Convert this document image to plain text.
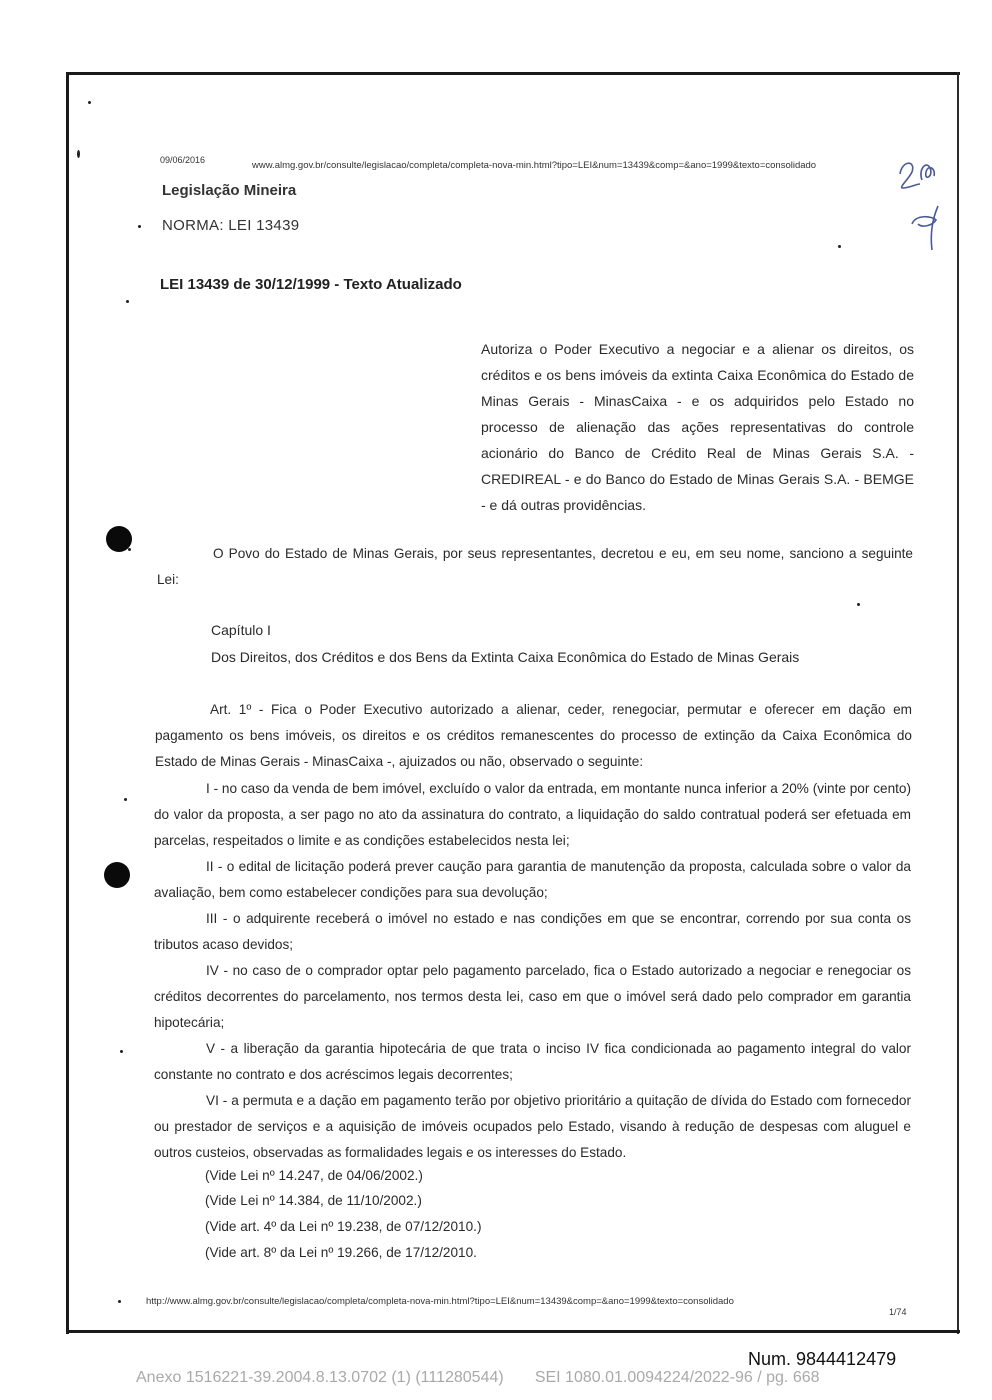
09/06/2016	www.almg.gov.br/consulte/legislacao/completa/completa-nova-min.html?tipo=LEI&num=13439&comp=&ano=1999&texto=consolidado
Legislação Mineira
NORMA: LEI 13439
LEI 13439 de 30/12/1999 - Texto Atualizado
Autoriza o Poder Executivo a negociar e a alienar os direitos, os créditos e os bens imóveis da extinta Caixa Econômica do Estado de Minas Gerais - MinasCaixa - e os adquiridos pelo Estado no processo de alienação das ações representativas do controle acionário do Banco de Crédito Real de Minas Gerais S.A. - CREDIREAL - e do Banco do Estado de Minas Gerais S.A. - BEMGE - e dá outras providências.
O Povo do Estado de Minas Gerais, por seus representantes, decretou e eu, em seu nome, sanciono a seguinte Lei:
Capítulo I
Dos Direitos, dos Créditos e dos Bens da Extinta Caixa Econômica do Estado de Minas Gerais
Art. 1º - Fica o Poder Executivo autorizado a alienar, ceder, renegociar, permutar e oferecer em dação em pagamento os bens imóveis, os direitos e os créditos remanescentes do processo de extinção da Caixa Econômica do Estado de Minas Gerais - MinasCaixa -, ajuizados ou não, observado o seguinte:
I - no caso da venda de bem imóvel, excluído o valor da entrada, em montante nunca inferior a 20% (vinte por cento) do valor da proposta, a ser pago no ato da assinatura do contrato, a liquidação do saldo contratual poderá ser efetuada em parcelas, respeitados o limite e as condições estabelecidos nesta lei;
II - o edital de licitação poderá prever caução para garantia de manutenção da proposta, calculada sobre o valor da avaliação, bem como estabelecer condições para sua devolução;
III - o adquirente receberá o imóvel no estado e nas condições em que se encontrar, correndo por sua conta os tributos acaso devidos;
IV - no caso de o comprador optar pelo pagamento parcelado, fica o Estado autorizado a negociar e renegociar os créditos decorrentes do parcelamento, nos termos desta lei, caso em que o imóvel será dado pelo comprador em garantia hipotecária;
V - a liberação da garantia hipotecária de que trata o inciso IV fica condicionada ao pagamento integral do valor constante no contrato e dos acréscimos legais decorrentes;
VI - a permuta e a dação em pagamento terão por objetivo prioritário a quitação de dívida do Estado com fornecedor ou prestador de serviços e a aquisição de imóveis ocupados pelo Estado, visando à redução de despesas com aluguel e outros custeios, observadas as formalidades legais e os interesses do Estado.
(Vide Lei nº 14.247, de 04/06/2002.)
(Vide Lei nº 14.384, de 11/10/2002.)
(Vide art. 4º da Lei nº 19.238, de 07/12/2010.)
(Vide art. 8º da Lei nº 19.266, de 17/12/2010.
http://www.almg.gov.br/consulte/legislacao/completa/completa-nova-min.html?tipo=LEI&num=13439&comp=&ano=1999&texto=consolidado
1/74
Num. 9844412479
Anexo 1516221-39.2004.8.13.0702 (1) (111280544)       SEI 1080.01.0094224/2022-96 / pg. 668
